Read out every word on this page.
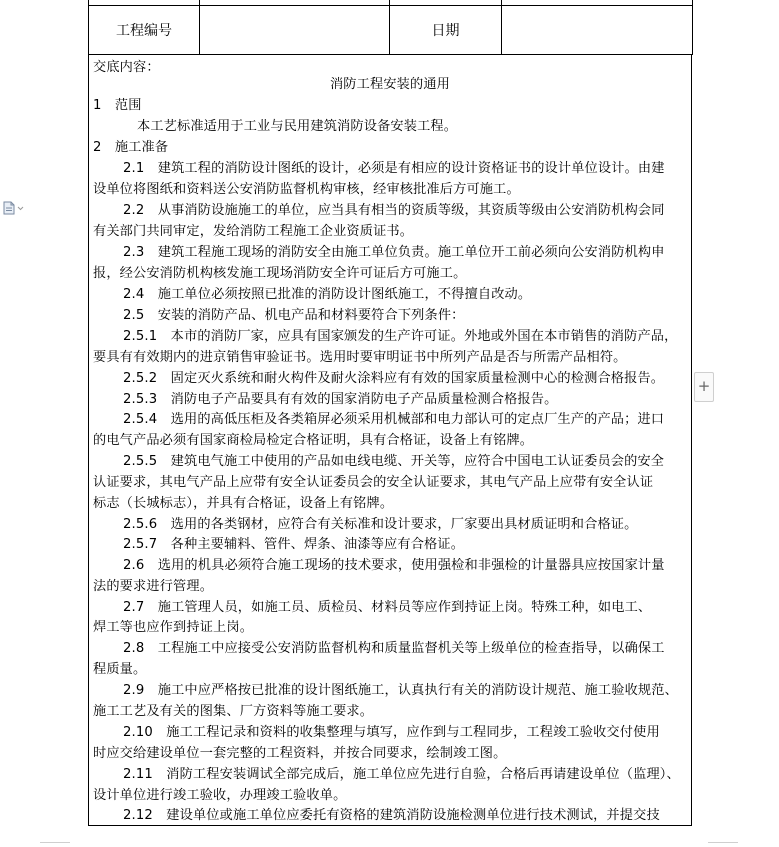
工程编号		日期	
交底内容：
消防工程安装的通用
1　范围
本工艺标准适用于工业与民用建筑消防设备安装工程。
2　施工准备
2.1　建筑工程的消防设计图纸的设计，必须是有相应的设计资格证书的设计单位设计。由建
设单位将图纸和资料送公安消防监督机构审核，经审核批准后方可施工。
2.2　从事消防设施施工的单位，应当具有相当的资质等级，其资质等级由公安消防机构会同
有关部门共同审定，发给消防工程施工企业资质证书。
2.3　建筑工程施工现场的消防安全由施工单位负责。施工单位开工前必须向公安消防机构申
报，经公安消防机构核发施工现场消防安全许可证后方可施工。
2.4　施工单位必须按照已批准的消防设计图纸施工，不得擅自改动。
2.5　安装的消防产品、机电产品和材料要符合下列条件：
2.5.1　本市的消防厂家，应具有国家颁发的生产许可证。外地或外国在本市销售的消防产品，
要具有有效期内的进京销售审验证书。选用时要审明证书中所列产品是否与所需产品相符。
2.5.2　固定灭火系统和耐火构件及耐火涂料应有有效的国家质量检测中心的检测合格报告。
2.5.3　消防电子产品要具有有效的国家消防电子产品质量检测合格报告。
2.5.4　选用的高低压柜及各类箱屏必须采用机械部和电力部认可的定点厂生产的产品；进口
的电气产品必须有国家商检局检定合格证明，具有合格证，设备上有铭牌。
2.5.5　建筑电气施工中使用的产品如电线电缆、开关等，应符合中国电工认证委员会的安全
认证要求，其电气产品上应带有安全认证委员会的安全认证要求，其电气产品上应带有安全认证
标志（长城标志），并具有合格证，设备上有铭牌。
2.5.6　选用的各类钢材，应符合有关标准和设计要求，厂家要出具材质证明和合格证。
2.5.7　各种主要辅料、管件、焊条、油漆等应有合格证。
2.6　选用的机具必须符合施工现场的技术要求，使用强检和非强检的计量器具应按国家计量
法的要求进行管理。
2.7　施工管理人员，如施工员、质检员、材料员等应作到持证上岗。特殊工种，如电工、
焊工等也应作到持证上岗。
2.8　工程施工中应接受公安消防监督机构和质量监督机关等上级单位的检查指导，以确保工
程质量。
2.9　施工中应严格按已批准的设计图纸施工，认真执行有关的消防设计规范、施工验收规范、
施工工艺及有关的图集、厂方资料等施工要求。
2.10　施工工程记录和资料的收集整理与填写，应作到与工程同步，工程竣工验收交付使用
时应交给建设单位一套完整的工程资料，并按合同要求，绘制竣工图。
2.11　消防工程安装调试全部完成后，施工单位应先进行自验，合格后再请建设单位（监理）、
设计单位进行竣工验收，办理竣工验收单。
2.12　建设单位或施工单位应委托有资格的建筑消防设施检测单位进行技术测试，并提交技
+
